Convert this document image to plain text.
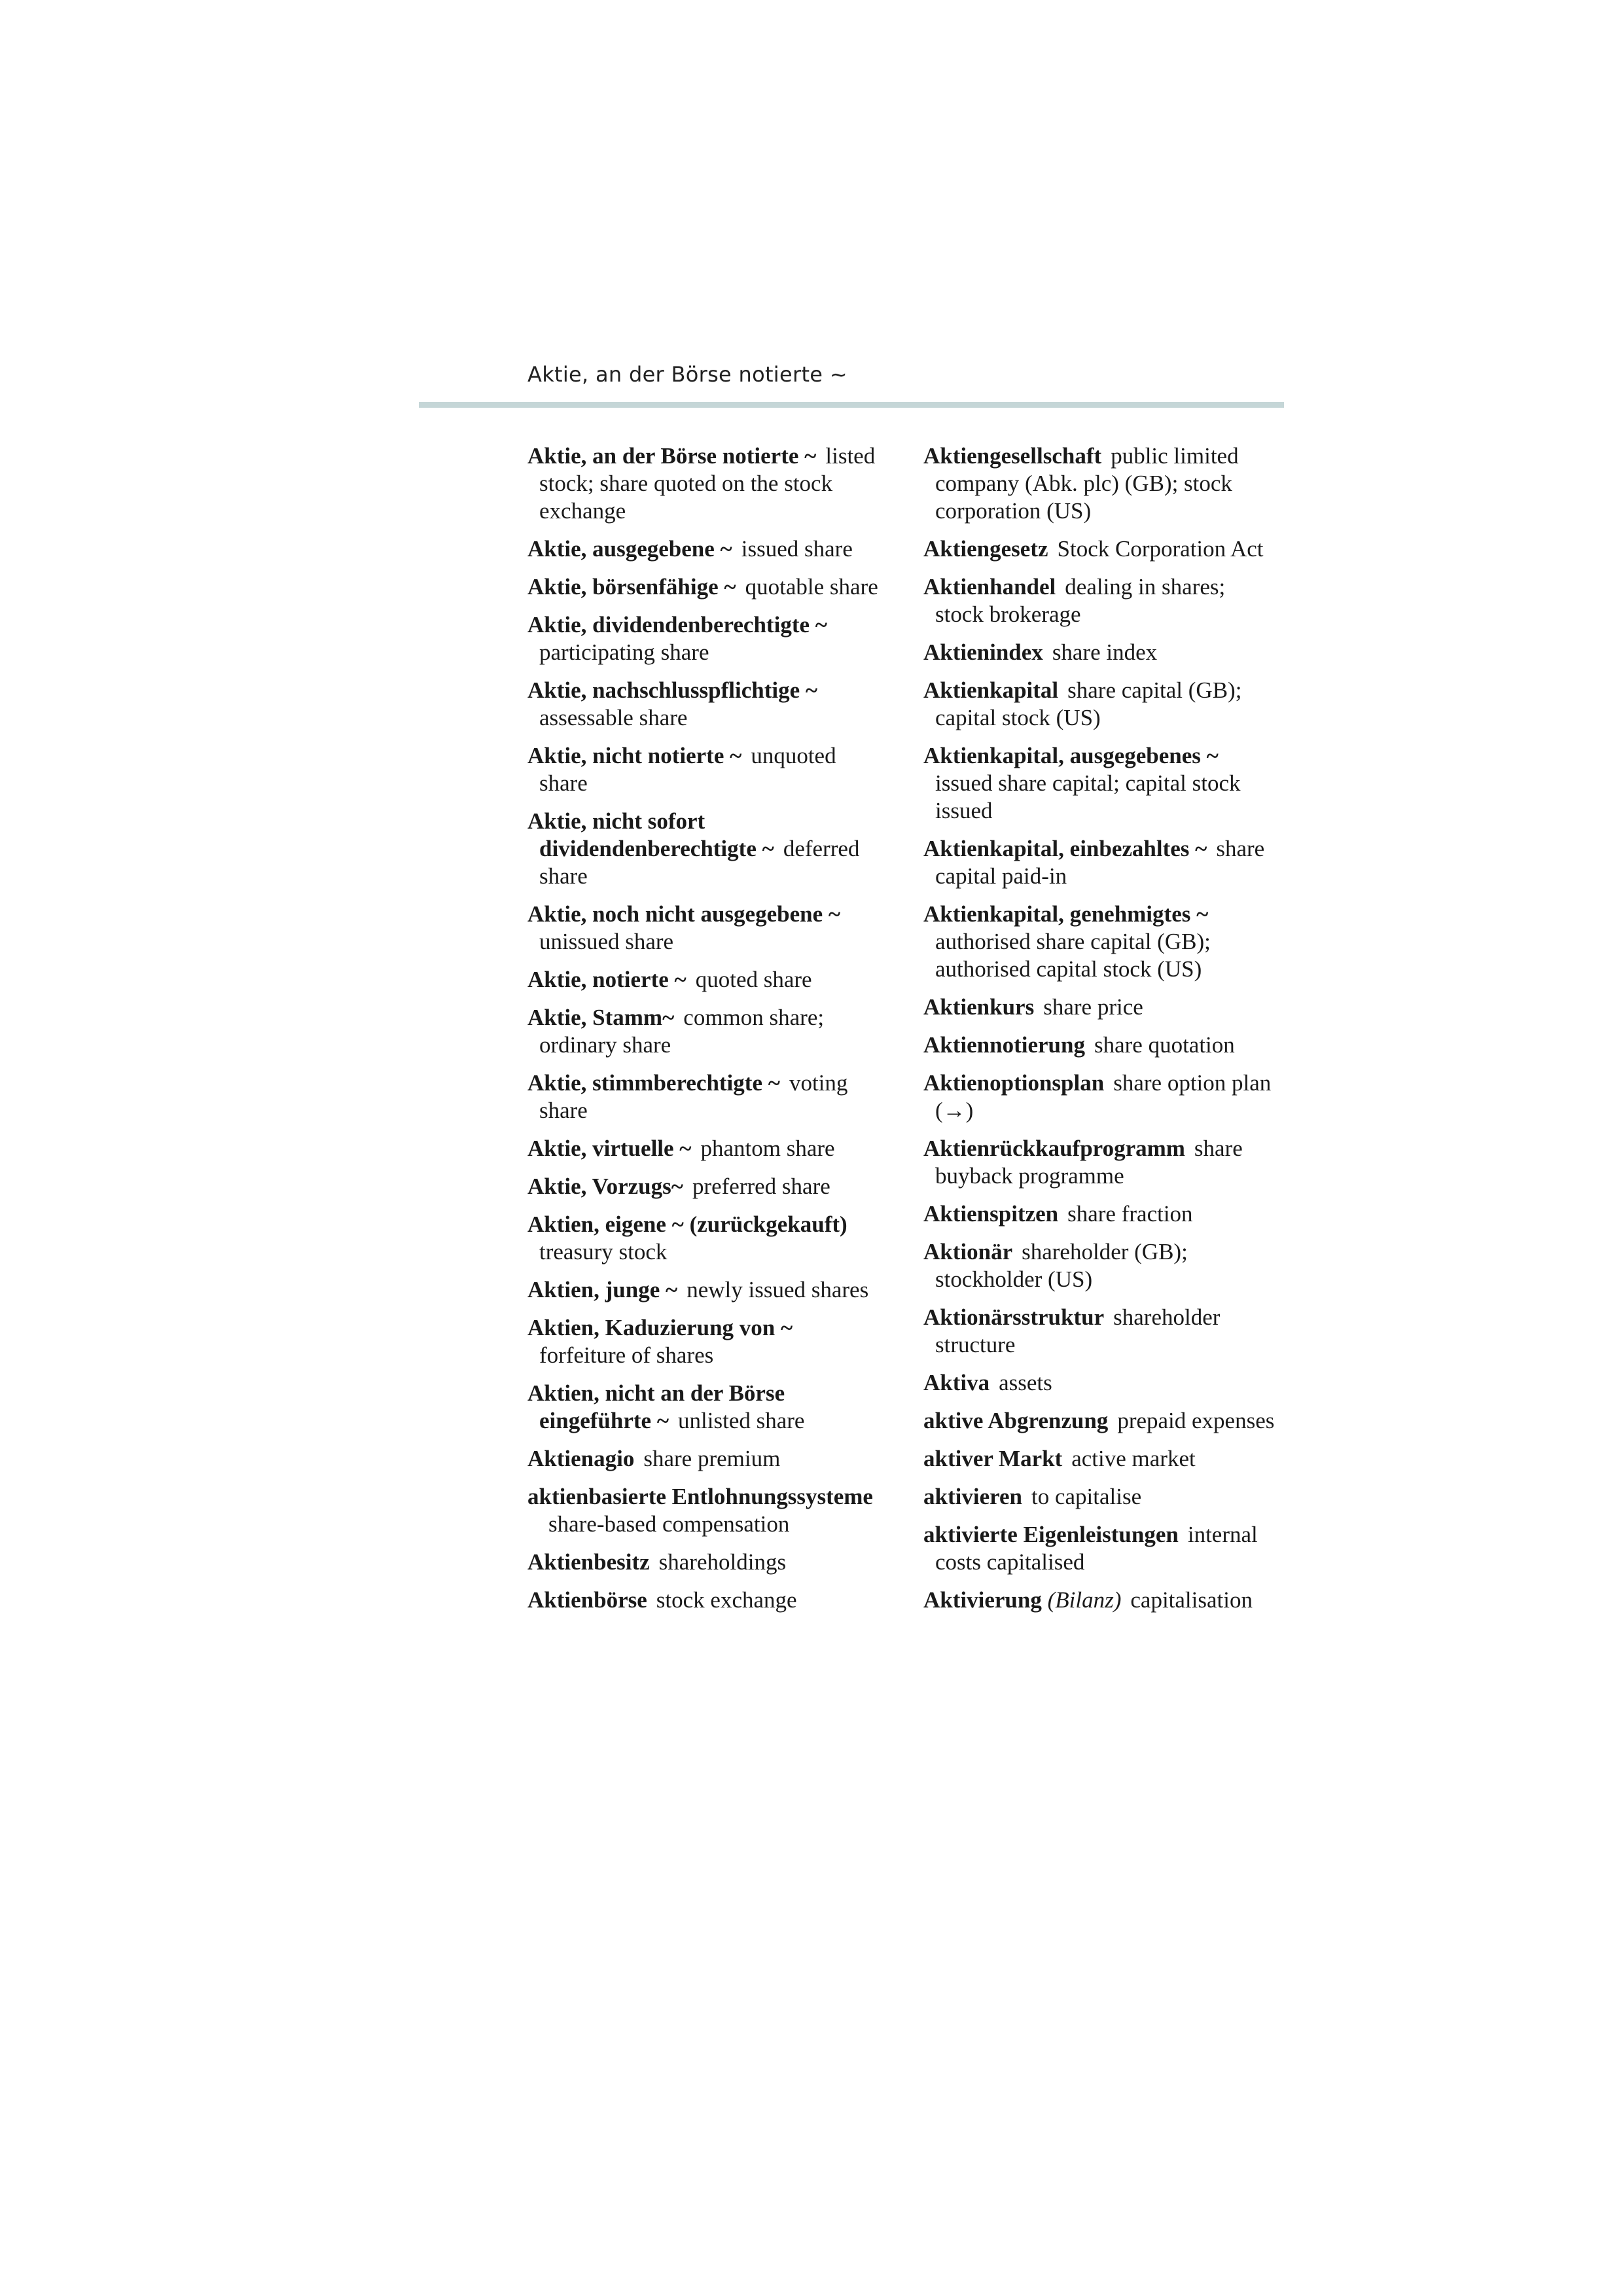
Aktie, an der Börse notierte ~

Aktie, an der Börse notierte ~ listed stock; share quoted on the stock exchange

Aktie, ausgegebene ~ issued share

Aktie, börsenfähige ~ quotable share

Aktie, dividendenberechtigte ~participating share

Aktie, nachschlusspflichtige ~assessable share

Aktie, nicht notierte ~ unquoted share

Aktie, nicht sofort dividendenberechtigte ~ deferred share

Aktie, noch nicht ausgegebene ~unissued share

Aktie, notierte ~ quoted share

Aktie, Stamm~ common share; ordinary share

Aktie, stimmberechtigte ~ voting share

Aktie, virtuelle ~ phantom share

Aktie, Vorzugs~ preferred share

Aktien, eigene ~ (zurückgekauft)treasury stock

Aktien, junge ~ newly issued shares

Aktien, Kaduzierung von ~forfeiture of shares

Aktien, nicht an der Börse eingeführte ~ unlisted share

Aktienagio share premium

aktienbasierte Entlohnungssystemeshare-based compensation

Aktienbesitz shareholdings

Aktienbörse stock exchange

Aktiengesellschaft public limited company (Abk. plc) (GB); stock corporation (US)

Aktiengesetz Stock Corporation Act

Aktienhandel dealing in shares; stock brokerage

Aktienindex share index

Aktienkapital share capital (GB); capital stock (US)

Aktienkapital, ausgegebenes ~issued share capital; capital stock issued

Aktienkapital, einbezahltes ~ share capital paid-in

Aktienkapital, genehmigtes ~authorised share capital (GB); authorised capital stock (US)

Aktienkurs share price

Aktiennotierung share quotation

Aktienoptionsplan share option plan (→)

Aktienrückkaufprogramm share buyback programme

Aktienspitzen share fraction

Aktionär shareholder (GB); stockholder (US)

Aktionärsstruktur shareholder structure

Aktiva assets

aktive Abgrenzung prepaid expenses

aktiver Markt active market

aktivieren to capitalise

aktivierte Eigenleistungen internal costs capitalised

Aktivierung (Bilanz) capitalisation
